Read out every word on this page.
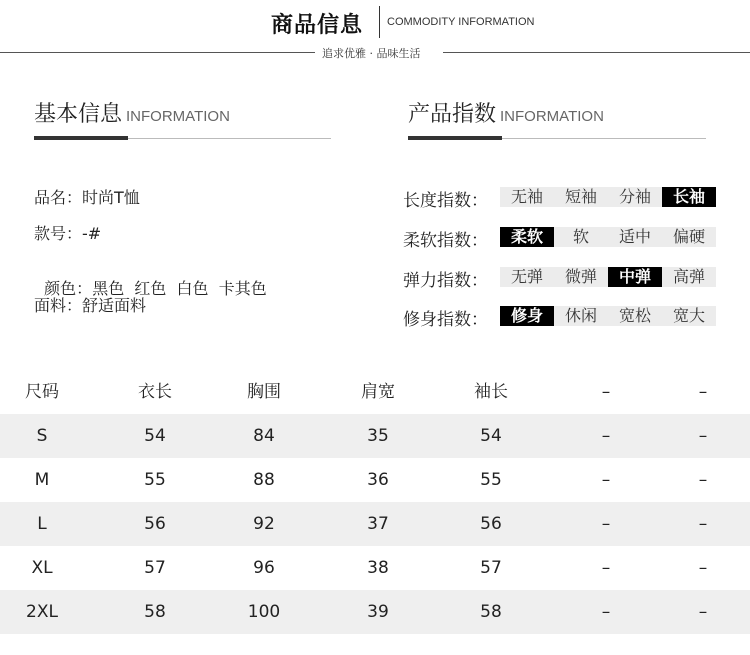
商品信息 COMMODITY INFORMATION
追求优雅 · 品味生活
基本信息 INFORMATION
品名：时尚T恤
款号：-#

颜色：黑色  红色  白色  卡其色

面料：舒适面料
产品指数 INFORMATION
长度指数：	无袖	短袖	分袖	长袖
柔软指数：	柔软	软	适中	偏硬
弹力指数：	无弹	微弹	中弹	高弹
修身指数：	修身	休闲	宽松	宽大
尺码	衣长	胸围	肩宽	袖长	–	–
S	54	84	35	54	–	–
M	55	88	36	55	–	–
L	56	92	37	56	–	–
XL	57	96	38	57	–	–
2XL	58	100	39	58	–	–
